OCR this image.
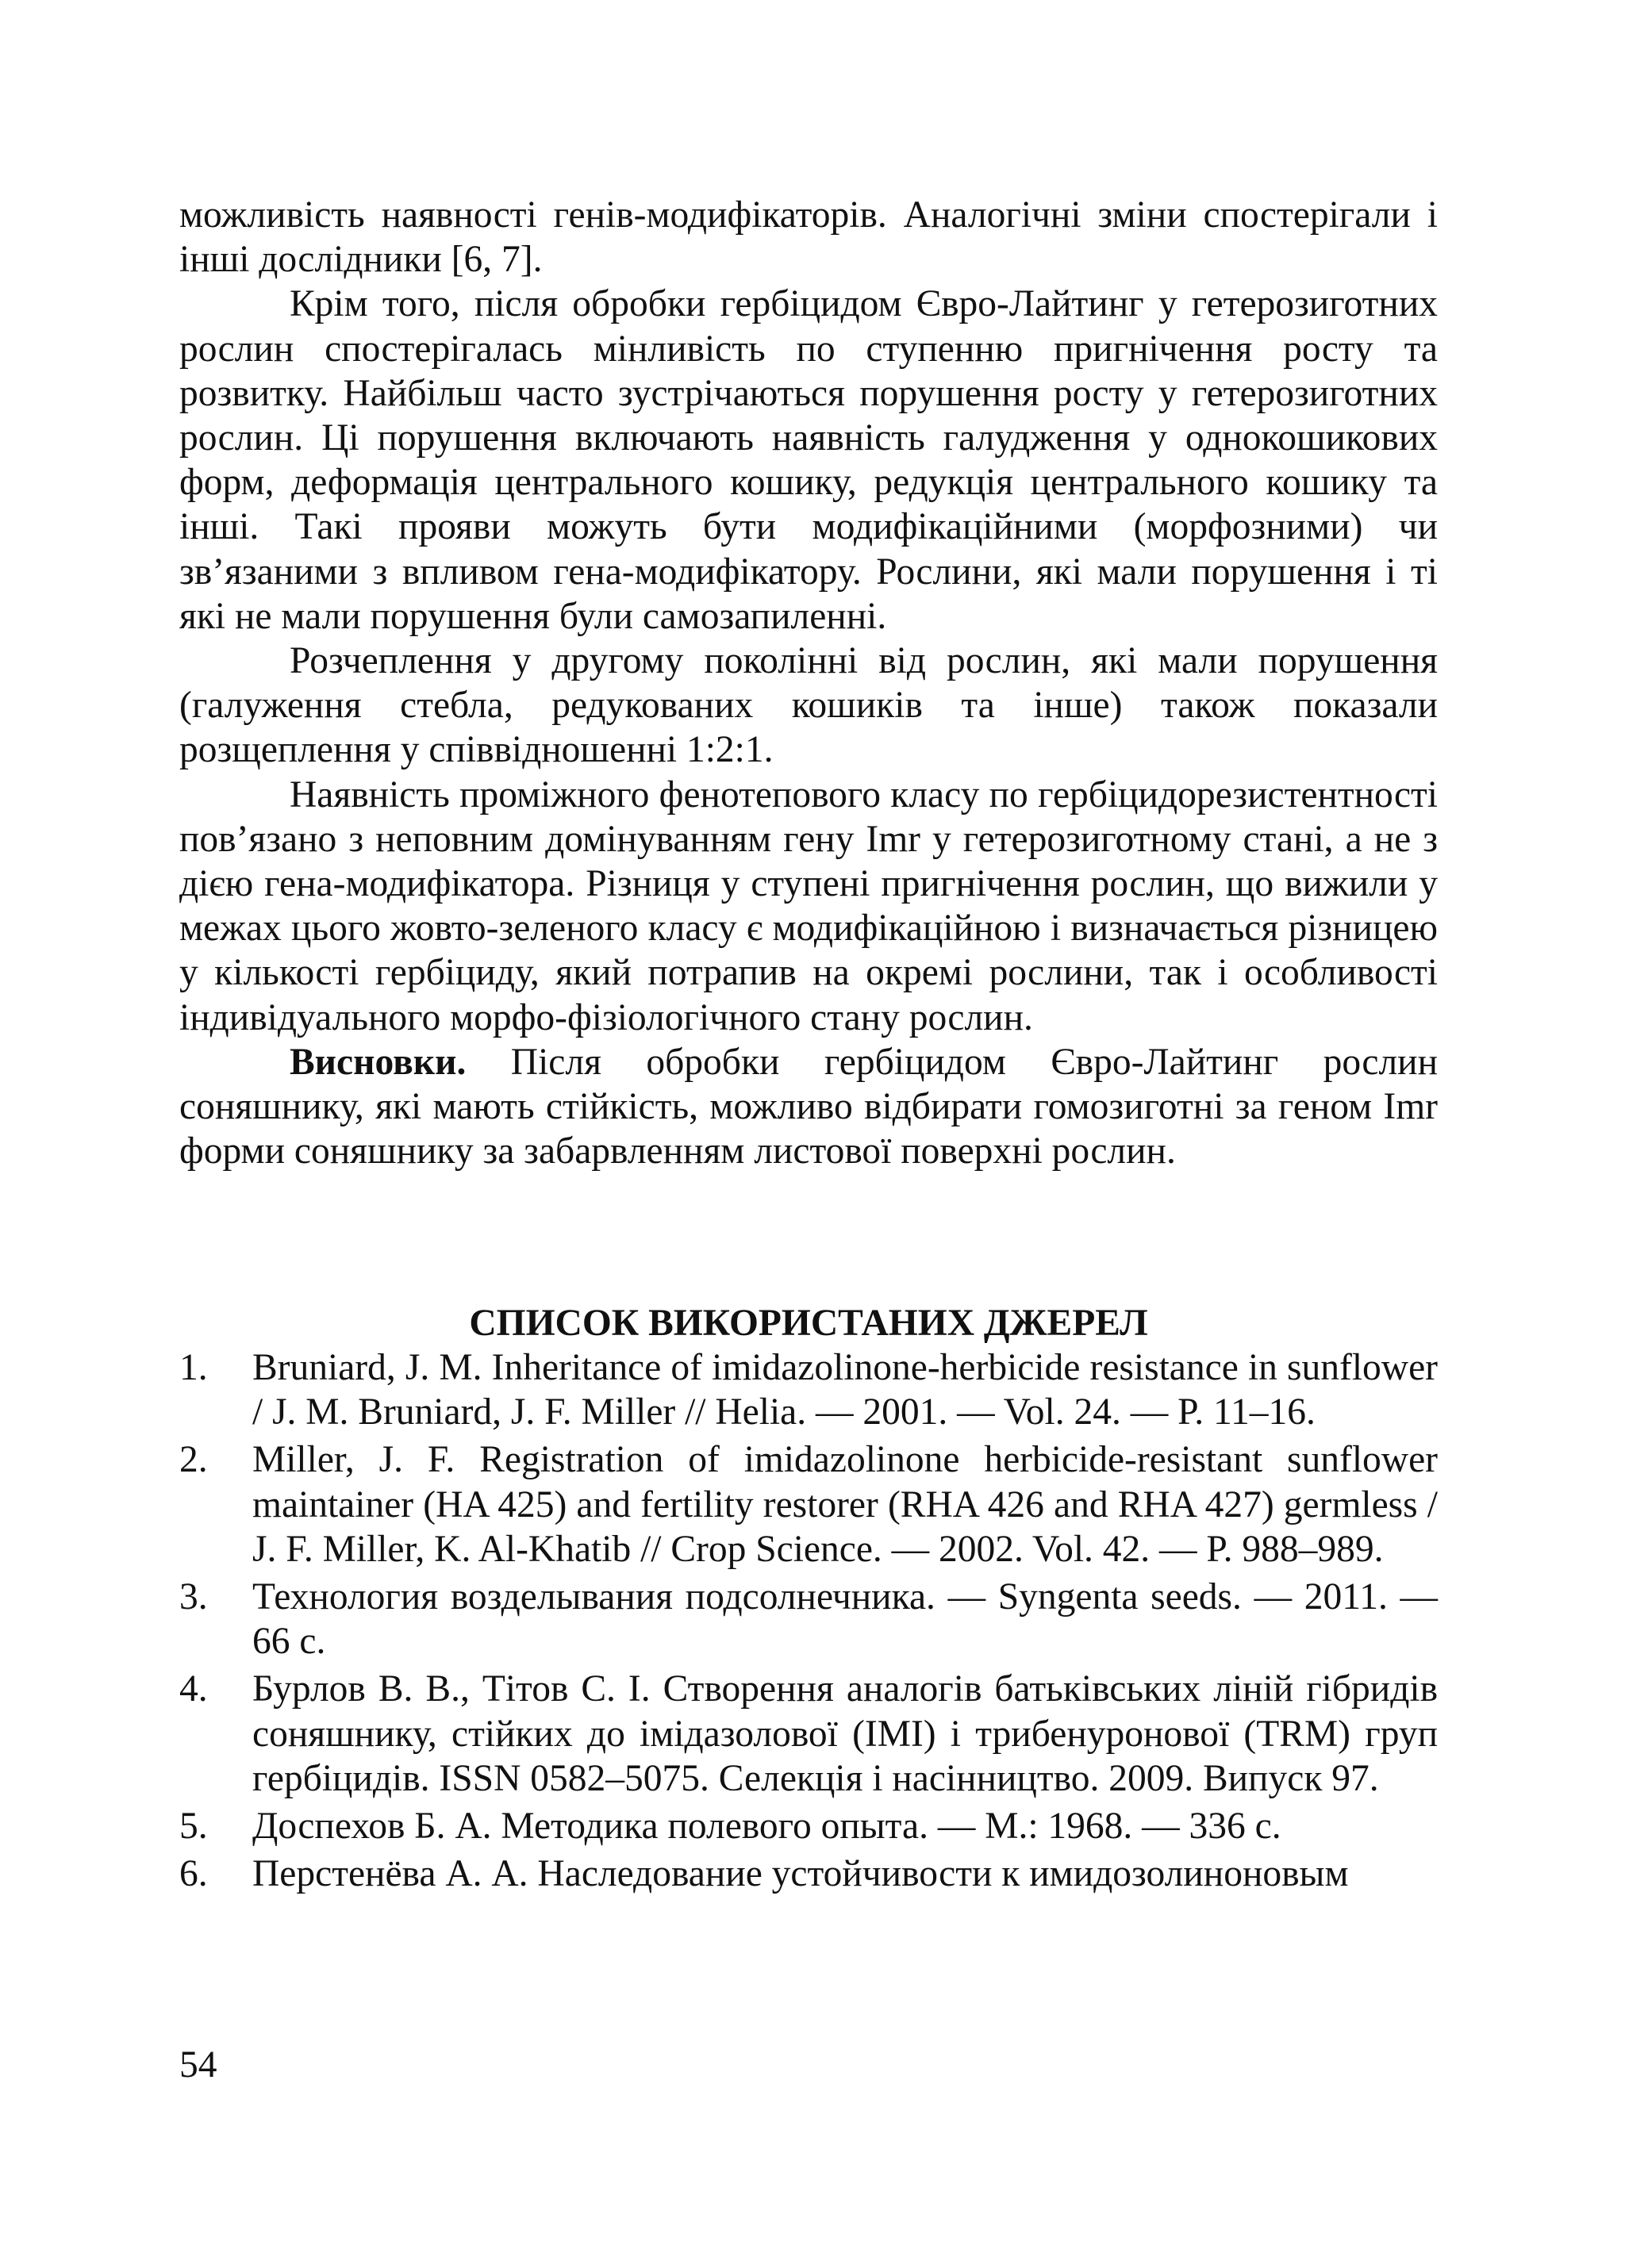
можливість наявності генів-модифікаторів. Аналогічні зміни спостерігали і інші дослідники [6, 7].

Крім того, після обробки гербіцидом Євро-Лайтинг у гетерозиготних рослин спостерігалась мінливість по ступенню пригнічення росту та розвитку. Найбільш часто зустрічаються порушення росту у гетерозиготних рослин. Ці порушення включають наявність галудження у однокошикових форм, деформація центрального кошику, редукція центрального кошику та інші. Такі прояви можуть бути модифікаційними (морфозними) чи зв’язаними з впливом гена-модифікатору. Рослини, які мали порушення і ті які не мали порушення були самозапиленні.

Розчеплення у другому поколінні від рослин, які мали порушення (галуження стебла, редукованих кошиків та інше) також показали розщеплення у співвідношенні 1:2:1.

Наявність проміжного фенотепового класу по гербіцидорезистентності пов’язано з неповним домінуванням гену Imr у гетерозиготному стані, а не з дією гена-модифікатора. Різниця у ступені пригнічення рослин, що вижили у межах цього жовто-зеленого класу є модифікаційною і визначається різницею у кількості гербіциду, який потрапив на окремі рослини, так і особливості індивідуального морфо-фізіологічного стану рослин.

Висновки. Після обробки гербіцидом Євро-Лайтинг рослин соняшнику, які мають стійкість, можливо відбирати гомозиготні за геном Imr форми соняшнику за забарвленням листової поверхні рослин.

СПИСОК ВИКОРИСТАНИХ ДЖЕРЕЛ
1.	Bruniard, J. M. Inheritance of imidazolinone-herbicide resistance in sunflower / J. M. Bruniard, J. F. Miller // Helia. — 2001. — Vol. 24. — P. 11–16.
2.	Miller, J. F. Registration of imidazolinone herbicide-resistant sunflower maintainer (HA 425) and fertility restorer (RHA 426 and RHA 427) germless / J. F. Miller, K. Al-Khatib // Crop Science. — 2002. Vol. 42. — P. 988–989.
3.	Технология возделывания подсолнечника. — Syngenta seeds. — 2011. — 66 с.
4.	Бурлов В. В., Тітов С. І. Створення аналогів батьківських ліній гібридів соняшнику, стійких до імідазолової (IMI) і трибенуронової (TRM) груп гербіцидів. ISSN 0582–5075. Селекція і насінництво. 2009. Випуск 97.
5.	Доспехов Б. А. Методика полевого опыта. — М.: 1968. — 336 с.
6.	Перстенёва А. А. Наследование устойчивости к имидозолиноновым

54
